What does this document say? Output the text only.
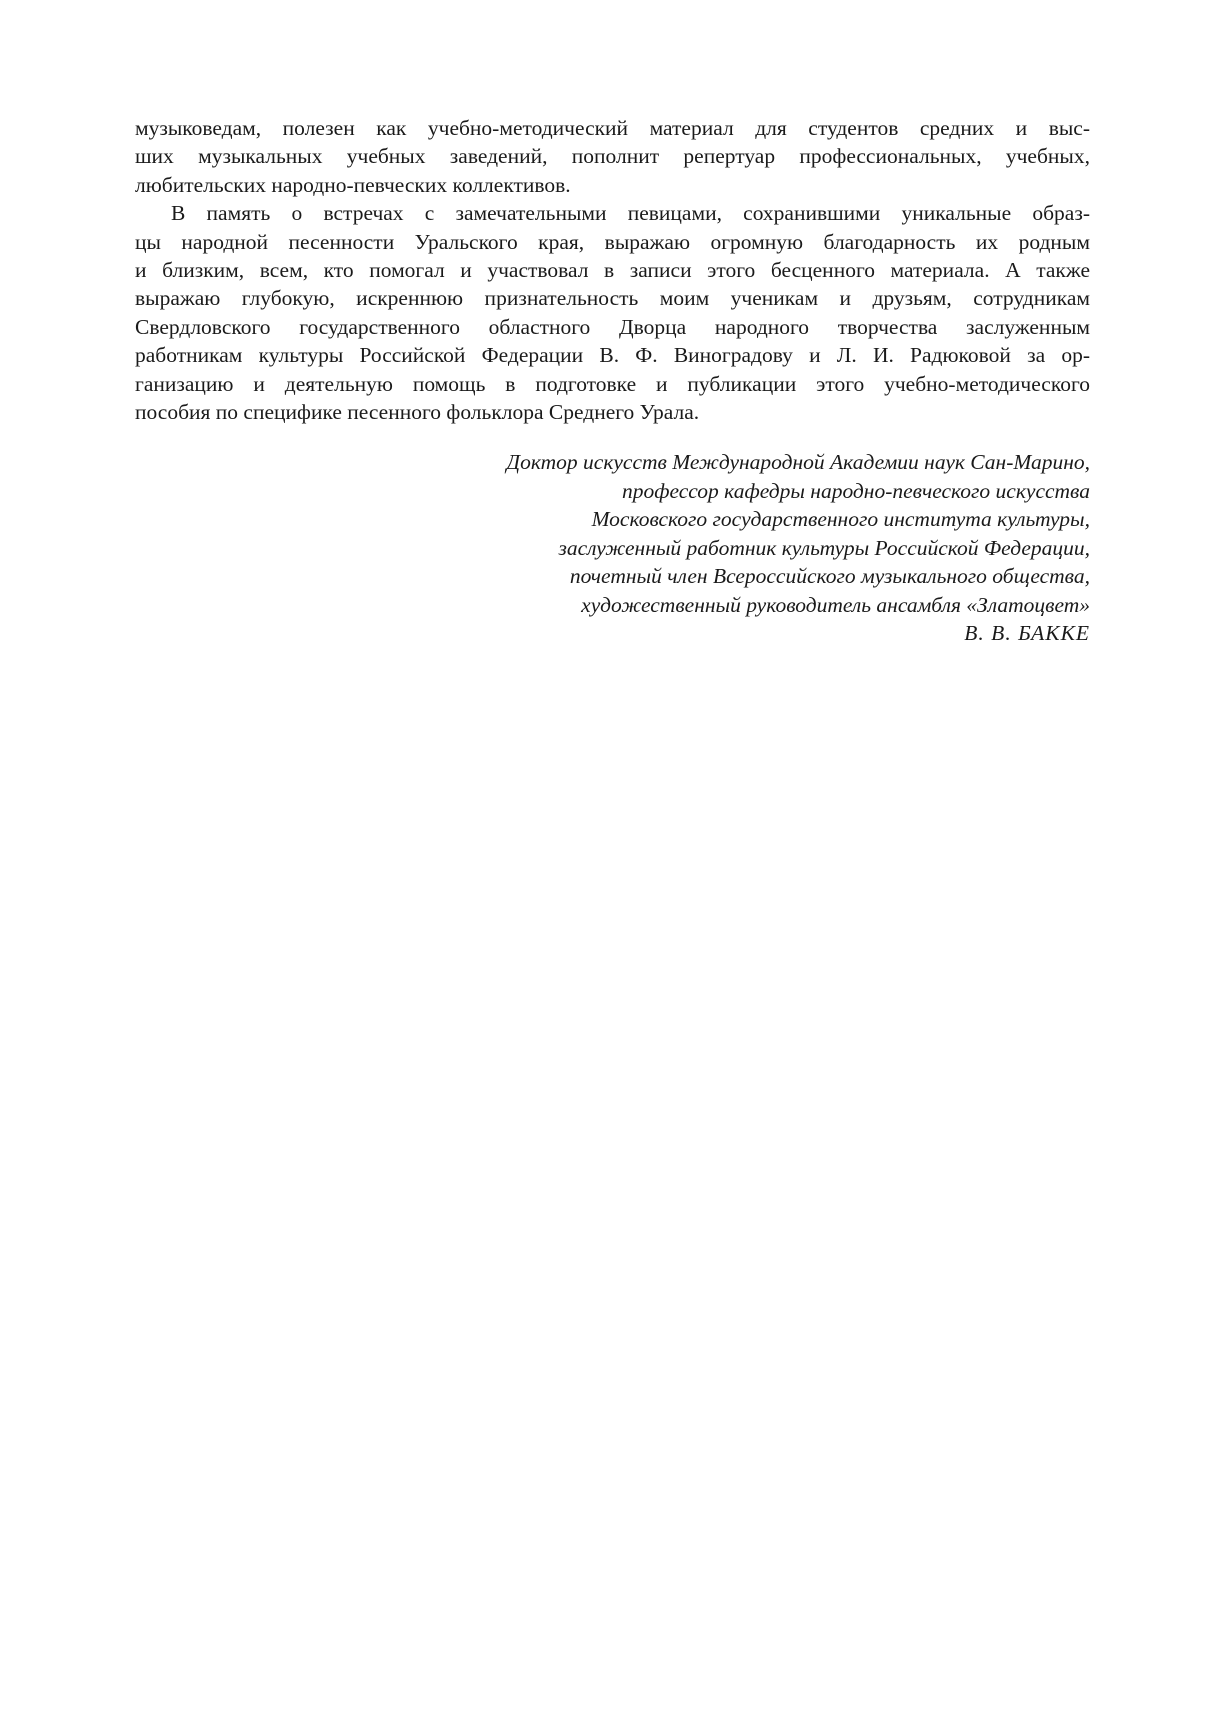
музыковедам, полезен как учебно-методический материал для студентов средних и выс-
ших музыкальных учебных заведений, пополнит репертуар профессиональных, учебных,
любительских народно-певческих коллективов.

В память о встречах с замечательными певицами, сохранившими уникальные образ-
цы народной песенности Уральского края, выражаю огромную благодарность их родным
и близким, всем, кто помогал и участвовал в записи этого бесценного материала. А также
выражаю глубокую, искреннюю признательность моим ученикам и друзьям, сотрудникам
Свердловского государственного областного Дворца народного творчества заслуженным
работникам культуры Российской Федерации В. Ф. Виноградову и Л. И. Радюковой за ор-
ганизацию и деятельную помощь в подготовке и публикации этого учебно-методического
пособия по специфике песенного фольклора Среднего Урала.

Доктор искусств Международной Академии наук Сан-Марино,
профессор кафедры народно-певческого искусства
Московского государственного института культуры,
заслуженный работник культуры Российской Федерации,
почетный член Всероссийского музыкального общества,
художественный руководитель ансамбля «Златоцвет»
В. В. БАККЕ
